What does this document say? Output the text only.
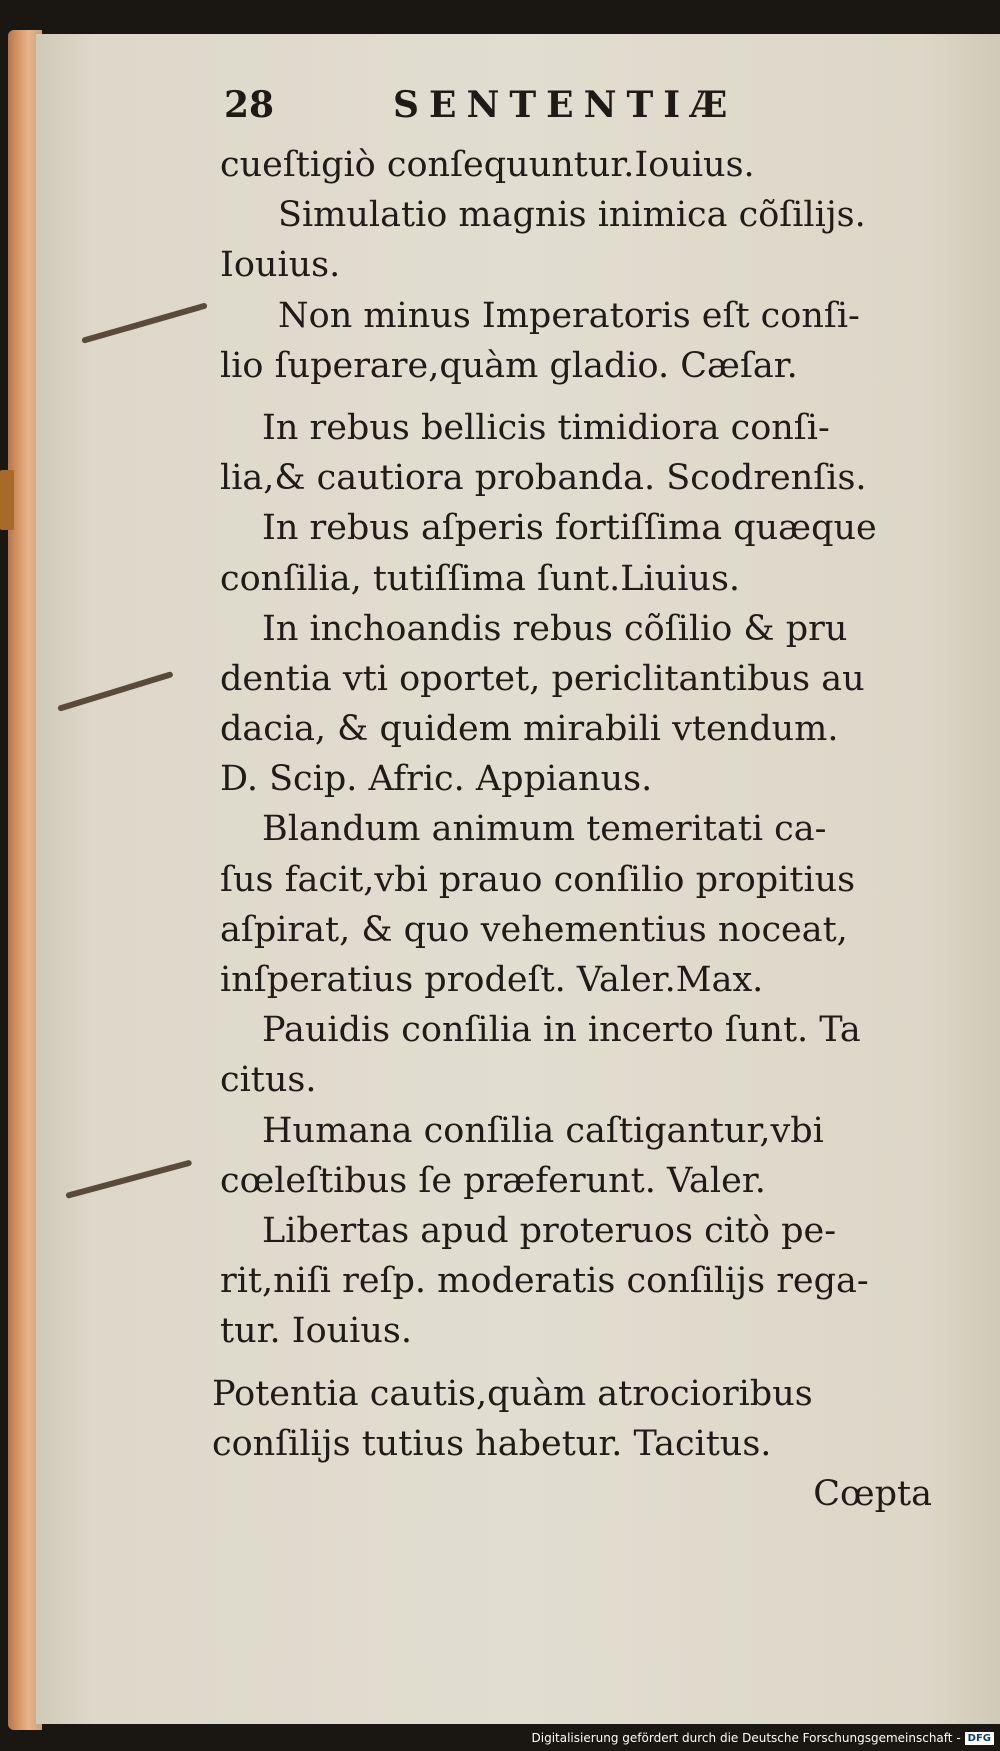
28	SENTENTIÆ
cueſtigiò conſequuntur.Iouius.
Simulatio magnis inimica cõſilijs.
Iouius.
Non minus Imperatoris eſt conſi-
lio ſuperare,quàm gladio. Cæſar.
In rebus bellicis timidiora conſi-
lia,& cautiora probanda. Scodrenſis.
In rebus aſperis fortiſſima quæque
conſilia, tutiſſima ſunt.Liuius.
In inchoandis rebus cõſilio & pru
dentia vti oportet, periclitantibus au
dacia, & quidem mirabili vtendum.
D. Scip. Afric. Appianus.
Blandum animum temeritati ca-
ſus facit,vbi prauo conſilio propitius
aſpirat, & quo vehementius noceat,
inſperatius prodeſt. Valer.Max.
Pauidis conſilia in incerto ſunt. Ta
citus.
Humana conſilia caſtigantur,vbi
cœleſtibus ſe præferunt. Valer.
Libertas apud proteruos citò pe-
rit,niſi reſp. moderatis conſilijs rega-
tur. Iouius.
Potentia cautis,quàm atrocioribus
conſilijs tutius habetur. Tacitus.
Cœpta
Digitalisierung gefördert durch die Deutsche Forschungsgemeinschaft - DFG
